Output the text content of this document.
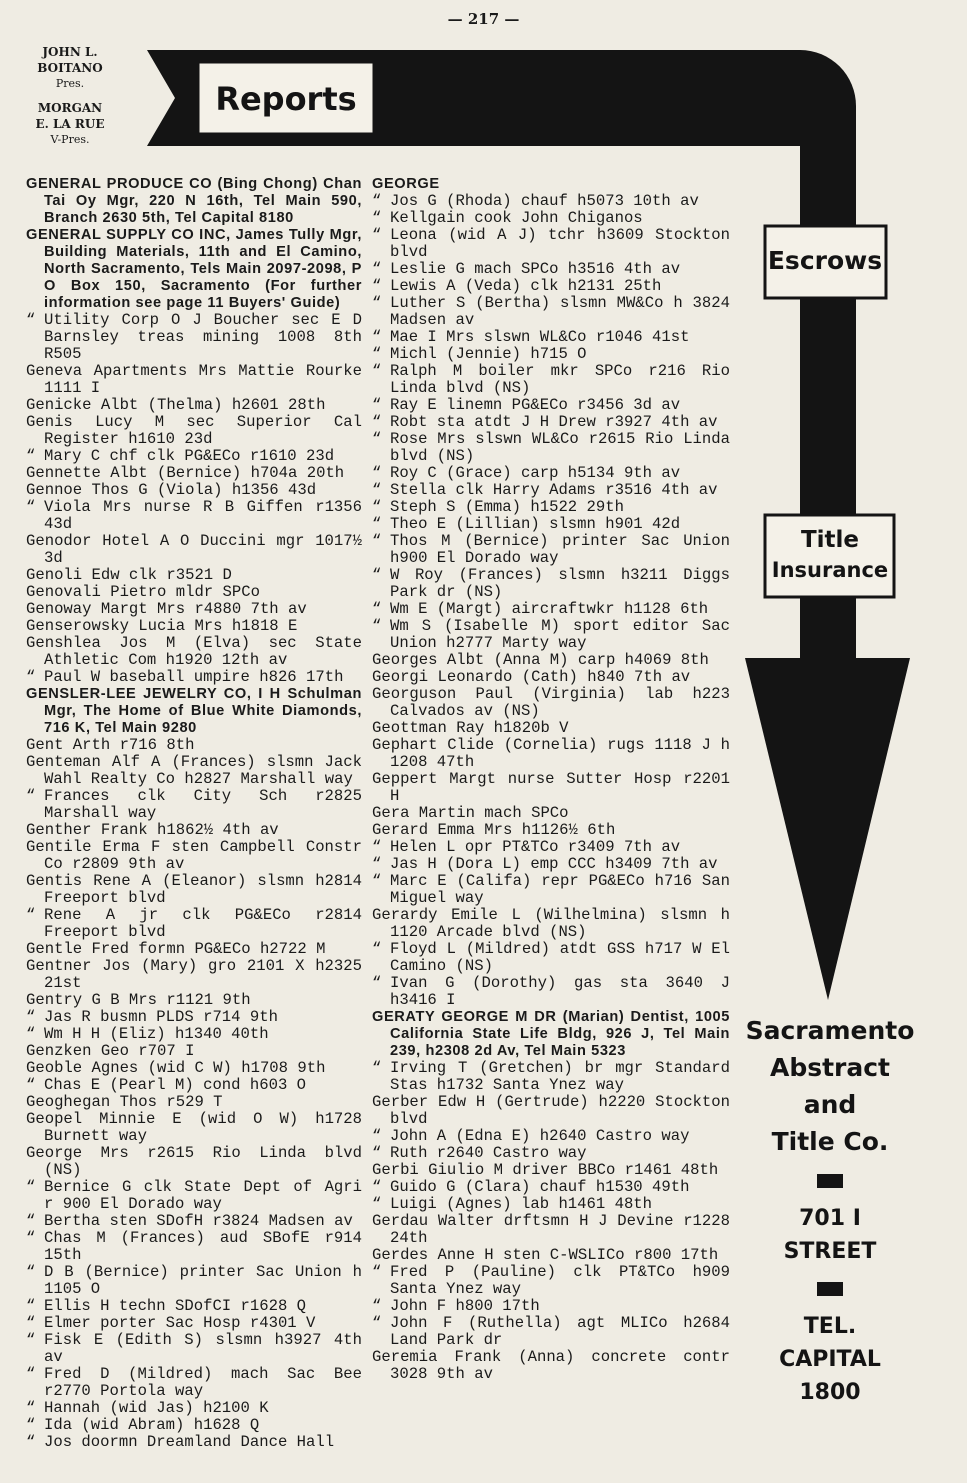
— 217 —
JOHN L.
BOITANO
Pres.
MORGAN
E. LA RUE
V-Pres.
Reports
Escrows
Title
Insurance

GENERAL PRODUCE CO (Bing Chong) Chan Tai Oy Mgr, 220 N 16th, Tel Main 590, Branch 2630 5th, Tel Capital 8180

GENERAL SUPPLY CO INC, James Tully Mgr, Building Materials, 11th and El Camino, North Sacramento, Tels Main 2097-2098, P O Box 150, Sacramento (For further information see page 11 Buyers' Guide)

“ Utility Corp O J Boucher sec E D Barnsley treas mining 1008 8th R505

Geneva Apartments Mrs Mattie Rourke 1111 I

Genicke Albt (Thelma) h2601 28th

Genis Lucy M sec Superior Cal Register h1610 23d

“ Mary C chf clk PG&ECo r1610 23d

Gennette Albt (Bernice) h704a 20th

Gennoe Thos G (Viola) h1356 43d

“ Viola Mrs nurse R B Giffen r1356 43d

Genodor Hotel A O Duccini mgr 1017½ 3d

Genoli Edw clk r3521 D

Genovali Pietro mldr SPCo

Genoway Margt Mrs r4880 7th av

Genserowsky Lucia Mrs h1818 E

Genshlea Jos M (Elva) sec State Athletic Com h1920 12th av

“ Paul W baseball umpire h826 17th

GENSLER-LEE JEWELRY CO, I H Schulman Mgr, The Home of Blue White Diamonds, 716 K, Tel Main 9280

Gent Arth r716 8th

Genteman Alf A (Frances) slsmn Jack Wahl Realty Co h2827 Marshall way

“ Frances clk City Sch r2825 Marshall way

Genther Frank h1862½ 4th av

Gentile Erma F sten Campbell Constr Co r2809 9th av

Gentis Rene A (Eleanor) slsmn h2814 Freeport blvd

“ Rene A jr clk PG&ECo r2814 Freeport blvd

Gentle Fred formn PG&ECo h2722 M

Gentner Jos (Mary) gro 2101 X h2325 21st

Gentry G B Mrs r1121 9th

“ Jas R busmn PLDS r714 9th

“ Wm H H (Eliz) h1340 40th

Genzken Geo r707 I

Geoble Agnes (wid C W) h1708 9th

“ Chas E (Pearl M) cond h603 O

Geoghegan Thos r529 T

Geopel Minnie E (wid O W) h1728 Burnett way

George Mrs r2615 Rio Linda blvd (NS)

“ Bernice G clk State Dept of Agri r 900 El Dorado way

“ Bertha sten SDofH r3824 Madsen av

“ Chas M (Frances) aud SBofE r914 15th

“ D B (Bernice) printer Sac Union h 1105 O

“ Ellis H techn SDofCI r1628 Q

“ Elmer porter Sac Hosp r4301 V

“ Fisk E (Edith S) slsmn h3927 4th av

“ Fred D (Mildred) mach Sac Bee r2770 Portola way

“ Hannah (wid Jas) h2100 K

“ Ida (wid Abram) h1628 Q

“ Jos doormn Dreamland Dance Hall

GEORGE

“ Jos G (Rhoda) chauf h5073 10th av

“ Kellgain cook John Chiganos

“ Leona (wid A J) tchr h3609 Stockton blvd

“ Leslie G mach SPCo h3516 4th av

“ Lewis A (Veda) clk h2131 25th

“ Luther S (Bertha) slsmn MW&Co h 3824 Madsen av

“ Mae I Mrs slswn WL&Co r1046 41st

“ Michl (Jennie) h715 O

“ Ralph M boiler mkr SPCo r216 Rio Linda blvd (NS)

“ Ray E linemn PG&ECo r3456 3d av

“ Robt sta atdt J H Drew r3927 4th av

“ Rose Mrs slswn WL&Co r2615 Rio Linda blvd (NS)

“ Roy C (Grace) carp h5134 9th av

“ Stella clk Harry Adams r3516 4th av

“ Steph S (Emma) h1522 29th

“ Theo E (Lillian) slsmn h901 42d

“ Thos M (Bernice) printer Sac Union h900 El Dorado way

“ W Roy (Frances) slsmn h3211 Diggs Park dr (NS)

“ Wm E (Margt) aircraftwkr h1128 6th

“ Wm S (Isabelle M) sport editor Sac Union h2777 Marty way

Georges Albt (Anna M) carp h4069 8th

Georgi Leonardo (Cath) h840 7th av

Georguson Paul (Virginia) lab h223 Calvados av (NS)

Geottman Ray h1820b V

Gephart Clide (Cornelia) rugs 1118 J h 1208 47th

Geppert Margt nurse Sutter Hosp r2201 H

Gera Martin mach SPCo

Gerard Emma Mrs h1126½ 6th

“ Helen L opr PT&TCo r3409 7th av

“ Jas H (Dora L) emp CCC h3409 7th av

“ Marc E (Califa) repr PG&ECo h716 San Miguel way

Gerardy Emile L (Wilhelmina) slsmn h 1120 Arcade blvd (NS)

“ Floyd L (Mildred) atdt GSS h717 W El Camino (NS)

“ Ivan G (Dorothy) gas sta 3640 J h3416 I

GERATY GEORGE M DR (Marian) Dentist, 1005 California State Life Bldg, 926 J, Tel Main 239, h2308 2d Av, Tel Main 5323

“ Irving T (Gretchen) br mgr Standard Stas h1732 Santa Ynez way

Gerber Edw H (Gertrude) h2220 Stockton blvd

“ John A (Edna E) h2640 Castro way

“ Ruth r2640 Castro way

Gerbi Giulio M driver BBCo r1461 48th

“ Guido G (Clara) chauf h1530 49th

“ Luigi (Agnes) lab h1461 48th

Gerdau Walter drftsmn H J Devine r1228 24th

Gerdes Anne H sten C-WSLICo r800 17th

“ Fred P (Pauline) clk PT&TCo h909 Santa Ynez way

“ John F h800 17th

“ John F (Ruthella) agt MLICo h2684 Land Park dr

Geremia Frank (Anna) concrete contr 3028 9th av

Sacramento
Abstract
and
Title Co.
701 I
STREET
TEL.
CAPITAL
1800
